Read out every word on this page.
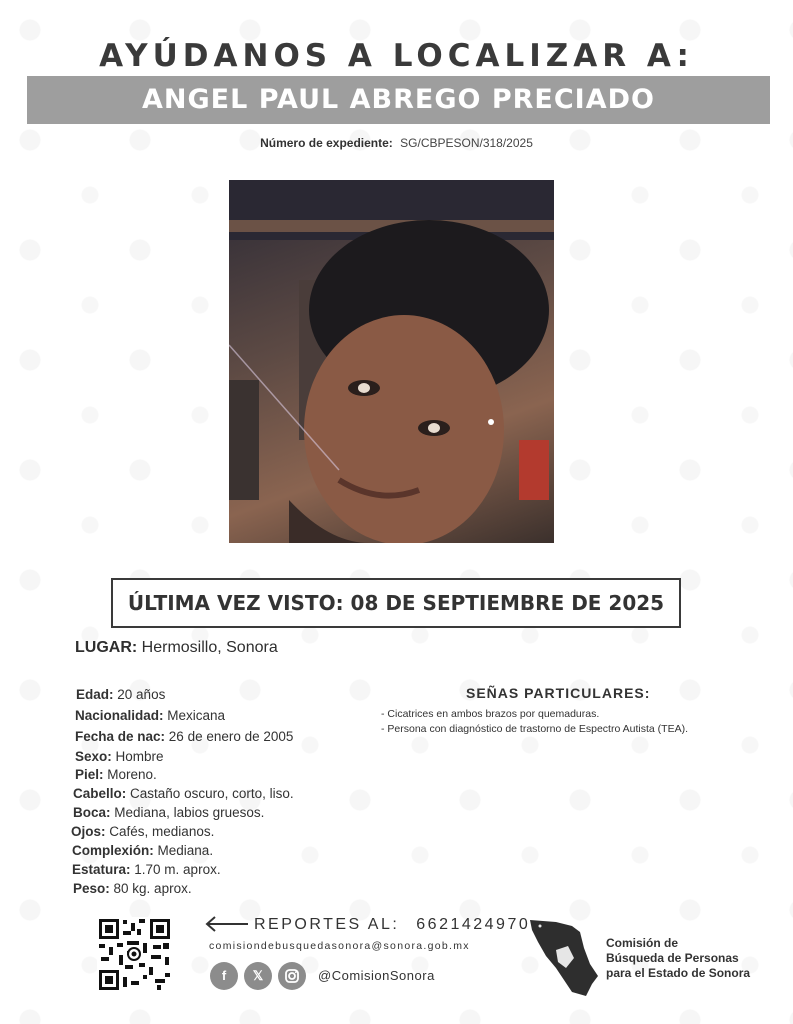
AYÚDANOS A LOCALIZAR A:
ANGEL PAUL ABREGO PRECIADO
Número de expediente: SG/CBPESON/318/2025
ÚLTIMA VEZ VISTO: 08 DE SEPTIEMBRE DE 2025
LUGAR: Hermosillo, Sonora
Edad: 20 años
Nacionalidad: Mexicana
Fecha de nac: 26 de enero de 2005
Sexo: Hombre
Piel: Moreno.
Cabello: Castaño oscuro, corto, liso.
Boca: Mediana, labios gruesos.
Ojos: Cafés, medianos.
Complexión: Mediana.
Estatura: 1.70 m. aprox.
Peso: 80 kg. aprox.
SEÑAS PARTICULARES:
- Cicatrices en ambos brazos por quemaduras.
- Persona con diagnóstico de trastorno de Espectro Autista (TEA).
REPORTES AL: 6621424970
comisiondebusquedasonora@sonora.gob.mx
f	𝕏	@ComisionSonora
Comisión de
Búsqueda de Personas
para el Estado de Sonora
